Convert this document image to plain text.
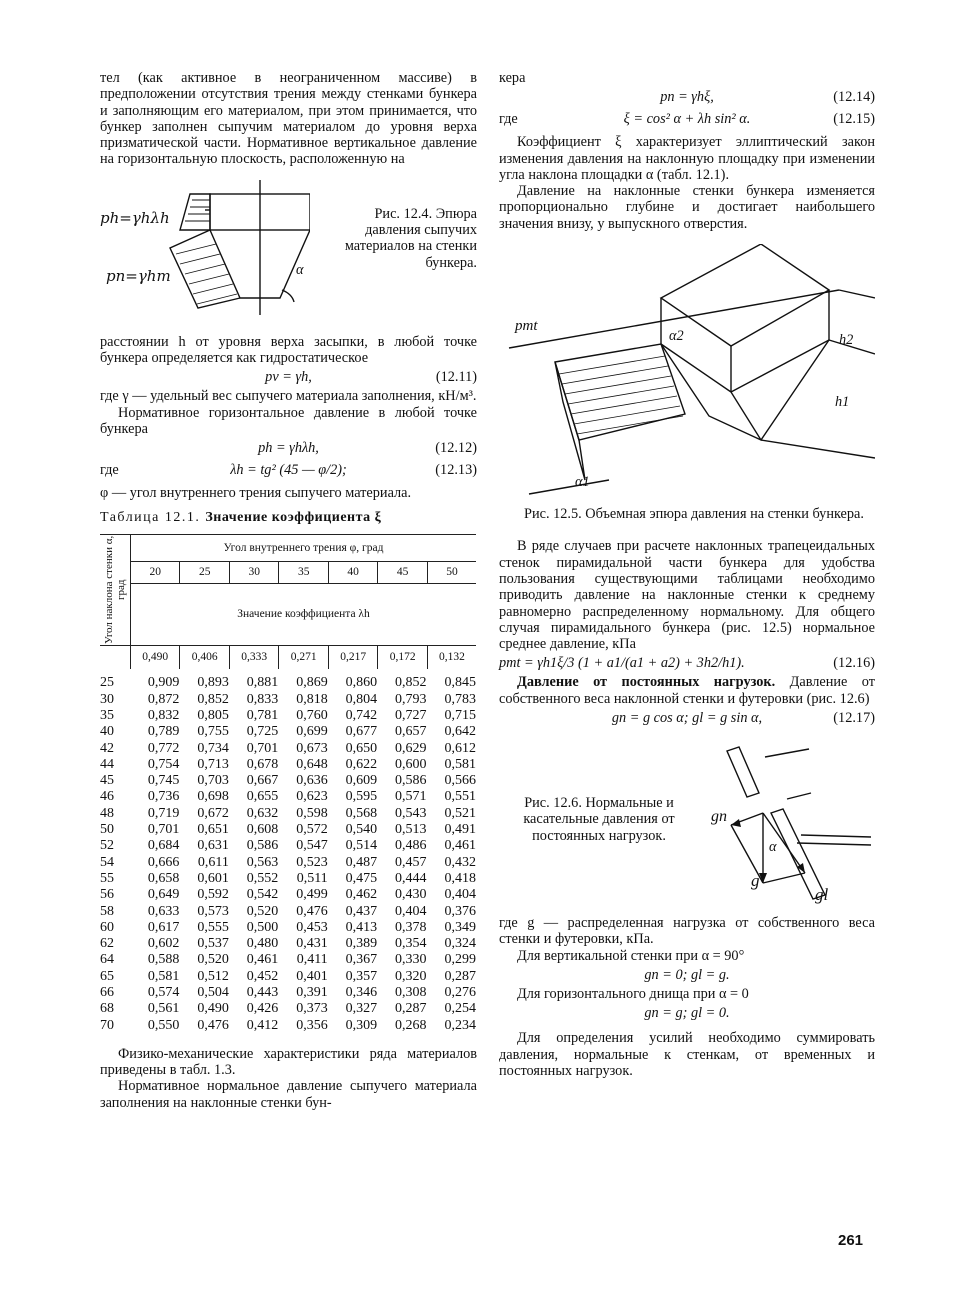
тел (как активное в неограниченном массиве) в предположении отсутствия трения между стенками бункера и заполняющим его материалом, при этом принимается, что бункер заполнен сыпучим материалом до уровня верха призматической части. Нормативное вертикальное давление на горизонтальную плоскость, расположенную на

ph=γhλh
pn=γhm	α

Рис. 12.4. Эпюра давления сыпучих материалов на стенки бункера.

расстоянии h от уровня верха засыпки, в любой точке бункера определяется как гидростатическое

pv = γh,	(12.11)

где γ — удельный вес сыпучего материала заполнения, кН/м³.

Нормативное горизонтальное давление в любой точке бункера

ph = γhλh,	(12.12)
где	λh = tg² (45 — φ/2);	(12.13)

φ — угол внутреннего трения сыпучего материала.

Таблица 12.1. Значение коэффициента ξ
Угол наклона стенки α, град	Угол внутреннего трения φ, град						
	20	25	30	35	40	45	50
	Значение коэффициента λh						
	0,490	0,406	0,333	0,271	0,217	0,172	0,132
25	0,909	0,893	0,881	0,869	0,860	0,852	0,845
30	0,872	0,852	0,833	0,818	0,804	0,793	0,783
35	0,832	0,805	0,781	0,760	0,742	0,727	0,715
40	0,789	0,755	0,725	0,699	0,677	0,657	0,642
42	0,772	0,734	0,701	0,673	0,650	0,629	0,612
44	0,754	0,713	0,678	0,648	0,622	0,600	0,581
45	0,745	0,703	0,667	0,636	0,609	0,586	0,566
46	0,736	0,698	0,655	0,623	0,595	0,571	0,551
48	0,719	0,672	0,632	0,598	0,568	0,543	0,521
50	0,701	0,651	0,608	0,572	0,540	0,513	0,491
52	0,684	0,631	0,586	0,547	0,514	0,486	0,461
54	0,666	0,611	0,563	0,523	0,487	0,457	0,432
55	0,658	0,601	0,552	0,511	0,475	0,444	0,418
56	0,649	0,592	0,542	0,499	0,462	0,430	0,404
58	0,633	0,573	0,520	0,476	0,437	0,404	0,376
60	0,617	0,555	0,500	0,453	0,413	0,378	0,349
62	0,602	0,537	0,480	0,431	0,389	0,354	0,324
64	0,588	0,520	0,461	0,411	0,367	0,330	0,299
65	0,581	0,512	0,452	0,401	0,357	0,320	0,287
66	0,574	0,504	0,443	0,391	0,346	0,308	0,276
68	0,561	0,490	0,426	0,373	0,327	0,287	0,254
70	0,550	0,476	0,412	0,356	0,309	0,268	0,234

Физико-механические характеристики ряда материалов приведены в табл. 1.3.

Нормативное нормальное давление сыпучего материала заполнения на наклонные стенки бун-

кера

pn = γhξ,	(12.14)
где	ξ = cos² α + λh sin² α.	(12.15)

Коэффициент ξ характеризует эллиптический закон изменения давления на наклонную площадку при изменении угла наклона площадки α (табл. 12.1).

Давление на наклонные стенки бункера изменяется пропорционально глубине и достигает наибольшего значения внизу, у выпускного отверстия.

pmt
α2	h2
h1
α1

Рис. 12.5. Объемная эпюра давления на стенки бункера.

В ряде случаев при расчете наклонных трапецеидальных стенок пирамидальной части бункера для удобства пользования существующими таблицами необходимо приводить давление на наклонные стенки к среднему равномерно распределенному нормальному. Для общего случая пирамидального бункера (рис. 12.5) нормальное среднее давление, кПа

pmt = γh1ξ/3 (1 + a1/(a1 + a2) + 3h2/h1).	(12.16)

Давление от постоянных нагрузок. Давление от собственного веса наклонной стенки и футеровки (рис. 12.6)

gn = g cos α; gl = g sin α,	(12.17)

Рис. 12.6. Нормальные и касательные давления от постоянных нагрузок.

gn
α
g
gl

где g — распределенная нагрузка от собственного веса стенки и футеровки, кПа.

Для вертикальной стенки при α = 90°

gn = 0; gl = g.

Для горизонтального днища при α = 0

gn = g; gl = 0.

Для определения усилий необходимо суммировать давления, нормальные к стенкам, от временных и постоянных нагрузок.

261
